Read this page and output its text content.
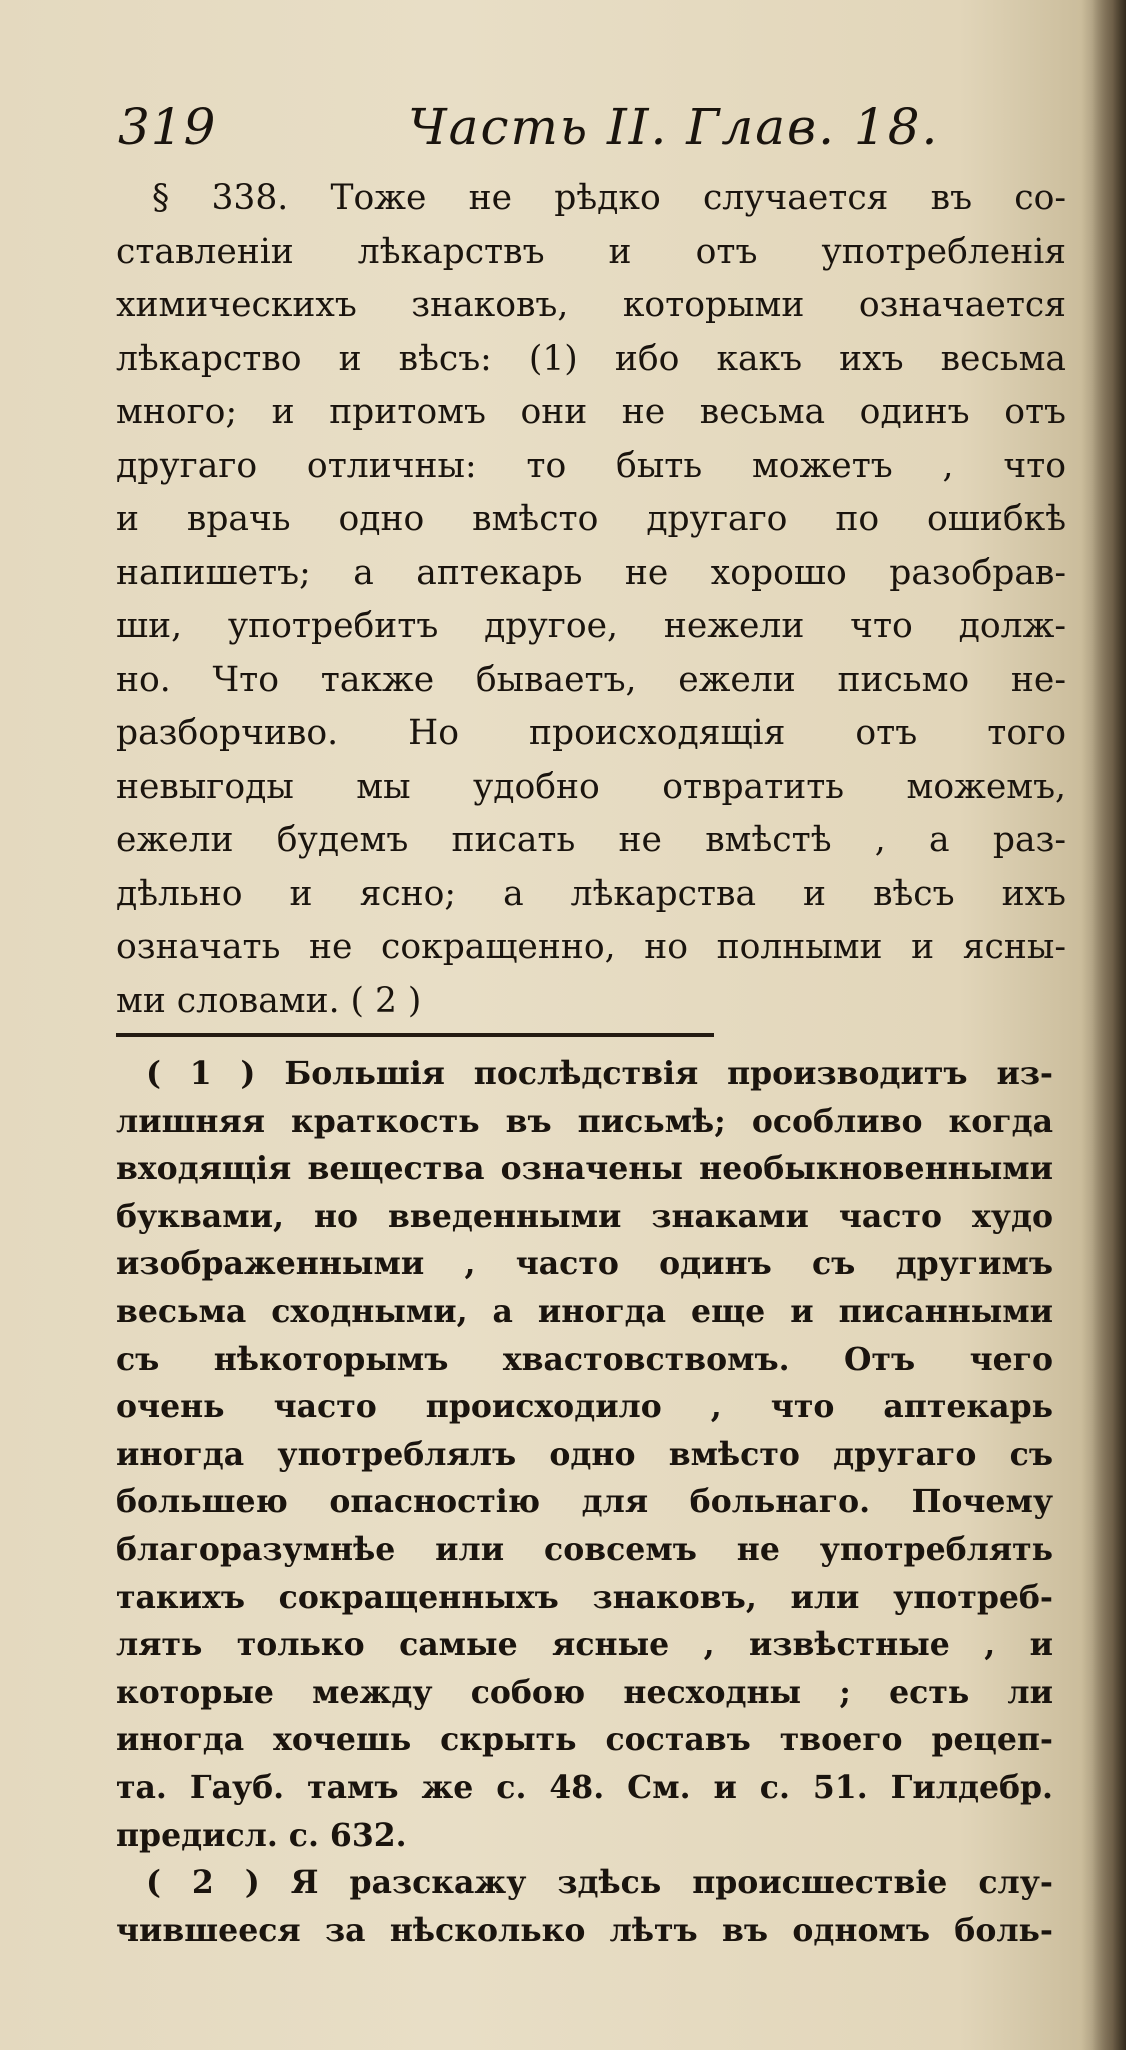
319	Часть II. Глав. 18.
§ 338. Тоже не рѣдко случается въ со-
ставленіи лѣкарствъ и отъ употребленія
химическихъ знаковъ, которыми означается
лѣкарство и вѣсъ: (1) ибо какъ ихъ весьма
много; и притомъ они не весьма одинъ отъ
другаго отличны: то быть можетъ , что
и врачь одно вмѣсто другаго по ошибкѣ
напишетъ; а аптекарь не хорошо разобрав-
ши, употребитъ другое, нежели что долж-
но. Что также бываетъ, ежели письмо не-
разборчиво. Но происходящія отъ того
невыгоды мы удобно отвратить можемъ,
ежели будемъ писать не вмѣстѣ , а раз-
дѣльно и ясно; а лѣкарства и вѣсъ ихъ
означать не сокращенно, но полными и ясны-
ми словами. ( 2 )
( 1 ) Большія послѣдствія производитъ из-
лишняя краткость въ письмѣ; особливо когда
входящія вещества означены необыкновенными
буквами, но введенными знаками часто худо
изображенными , часто одинъ съ другимъ
весьма сходными, а иногда еще и писанными
съ нѣкоторымъ хвастовствомъ. Отъ чего
очень часто происходило , что аптекарь
иногда употреблялъ одно вмѣсто другаго съ
большею опасностію для больнаго. Почему
благоразумнѣе или совсемъ не употреблять
такихъ сокращенныхъ знаковъ, или употреб-
лять только самые ясные , извѣстные , и
которые между собою несходны ; есть ли
иногда хочешь скрыть составъ твоего рецеп-
та. Гауб. тамъ же с. 48. См. и с. 51. Гилдебр.
предисл. с. 632.
( 2 ) Я разскажу здѣсь происшествіе слу-
чившееся за нѣсколько лѣтъ въ одномъ боль-
